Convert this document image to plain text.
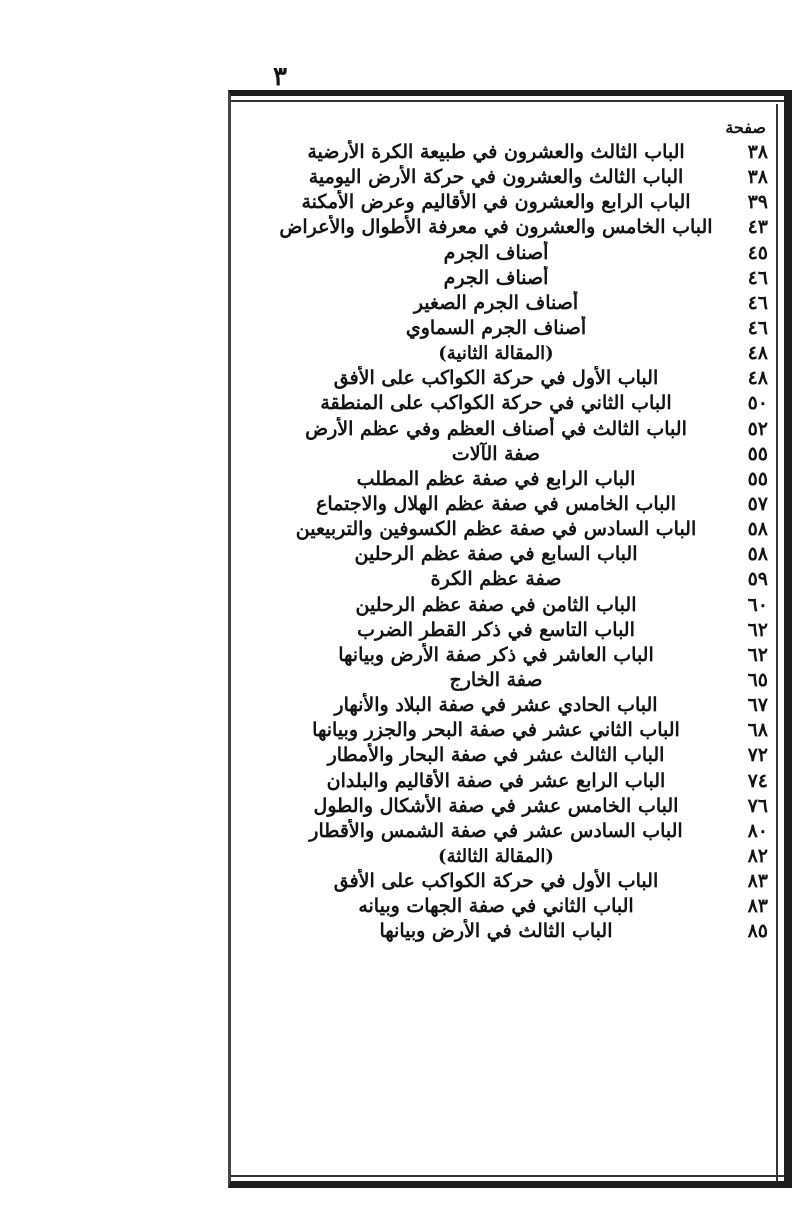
٣
صفحة
٣٨
الباب الثالث والعشرون في طبيعة الكرة الأرضية
٣٨
الباب الثالث والعشرون في حركة الأرض اليومية
٣٩
الباب الرابع والعشرون في الأقاليم وعرض الأمكنة
٤٣
الباب الخامس والعشرون في معرفة الأطوال والأعراض
٤٥
أصناف الجرم
٤٦
أصناف الجرم
٤٦
أصناف الجرم الصغير
٤٦
أصناف الجرم السماوي
٤٨
(المقالة الثانية)
٤٨
الباب الأول في حركة الكواكب على الأفق
٥٠
الباب الثاني في حركة الكواكب على المنطقة
٥٢
الباب الثالث في أصناف العظم وفي عظم الأرض
٥٥
صفة الآلات
٥٥
الباب الرابع في صفة عظم المطلب
٥٧
الباب الخامس في صفة عظم الهلال والاجتماع
٥٨
الباب السادس في صفة عظم الكسوفين والتربيعين
٥٨
الباب السابع في صفة عظم الرحلين
٥٩
صفة عظم الكرة
٦٠
الباب الثامن في صفة عظم الرحلين
٦٢
الباب التاسع في ذكر القطر الضرب
٦٢
الباب العاشر في ذكر صفة الأرض وبيانها
٦٥
صفة الخارج
٦٧
الباب الحادي عشر في صفة البلاد والأنهار
٦٨
الباب الثاني عشر في صفة البحر والجزر وبيانها
٧٢
الباب الثالث عشر في صفة البحار والأمطار
٧٤
الباب الرابع عشر في صفة الأقاليم والبلدان
٧٦
الباب الخامس عشر في صفة الأشكال والطول
٨٠
الباب السادس عشر في صفة الشمس والأقطار
٨٢
(المقالة الثالثة)
٨٣
الباب الأول في حركة الكواكب على الأفق
٨٣
الباب الثاني في صفة الجهات وبيانه
٨٥
الباب الثالث في الأرض وبيانها
